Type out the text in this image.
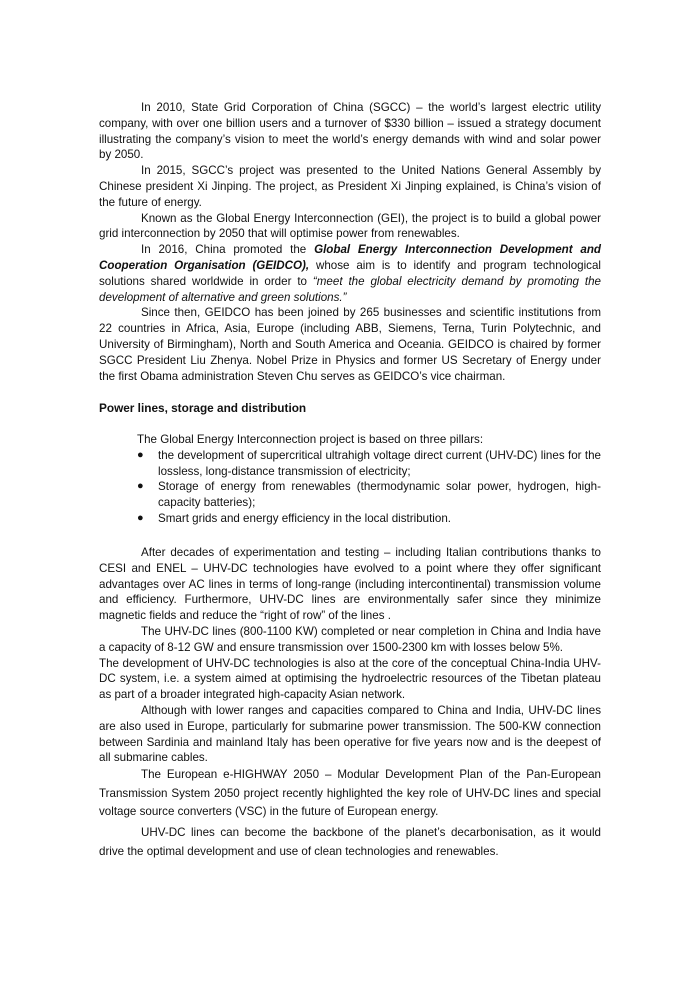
In 2010, State Grid Corporation of China (SGCC) – the world’s largest electric utility company, with over one billion users and a turnover of $330 billion – issued a strategy document illustrating the company’s vision to meet the world’s energy demands with wind and solar power by 2050.

In 2015, SGCC’s project was presented to the United Nations General Assembly by Chinese president Xi Jinping. The project, as President Xi Jinping explained, is China’s vision of the future of energy.

Known as the Global Energy Interconnection (GEI), the project is to build a global power grid interconnection by 2050 that will optimise power from renewables.

In 2016, China promoted the Global Energy Interconnection Development and Cooperation Organisation (GEIDCO), whose aim is to identify and program technological solutions shared worldwide in order to “meet the global electricity demand by promoting the development of alternative and green solutions.”

Since then, GEIDCO has been joined by 265 businesses and scientific institutions from 22 countries in Africa, Asia, Europe (including ABB, Siemens, Terna, Turin Polytechnic, and University of Birmingham), North and South America and Oceania. GEIDCO is chaired by former SGCC President Liu Zhenya. Nobel Prize in Physics and former US Secretary of Energy under the first Obama administration Steven Chu serves as GEIDCO’s vice chairman.

Power lines, storage and distribution

The Global Energy Interconnection project is based on three pillars:

● the development of supercritical ultrahigh voltage direct current (UHV-DC) lines for the lossless, long-distance transmission of electricity;
● Storage of energy from renewables (thermodynamic solar power, hydrogen, high-capacity batteries);
● Smart grids and energy efficiency in the local distribution.

After decades of experimentation and testing – including Italian contributions thanks to CESI and ENEL – UHV-DC technologies have evolved to a point where they offer significant advantages over AC lines in terms of long-range (including intercontinental) transmission volume and efficiency. Furthermore, UHV-DC lines are environmentally safer since they minimize magnetic fields and reduce the “right of row” of the lines .

The UHV-DC lines (800-1100 KW) completed or near completion in China and India have a capacity of 8-12 GW and ensure transmission over 1500-2300 km with losses below 5%.

The development of UHV-DC technologies is also at the core of the conceptual China-India UHV-DC system, i.e. a system aimed at optimising the hydroelectric resources of the Tibetan plateau as part of a broader integrated high-capacity Asian network.

Although with lower ranges and capacities compared to China and India, UHV-DC lines are also used in Europe, particularly for submarine power transmission. The 500-KW connection between Sardinia and mainland Italy has been operative for five years now and is the deepest of all submarine cables.

The European e-HIGHWAY 2050 – Modular Development Plan of the Pan-European Transmission System 2050 project recently highlighted the key role of UHV-DC lines and special voltage source converters (VSC) in the future of European energy.

UHV-DC lines can become the backbone of the planet’s decarbonisation, as it would drive the optimal development and use of clean technologies and renewables.
